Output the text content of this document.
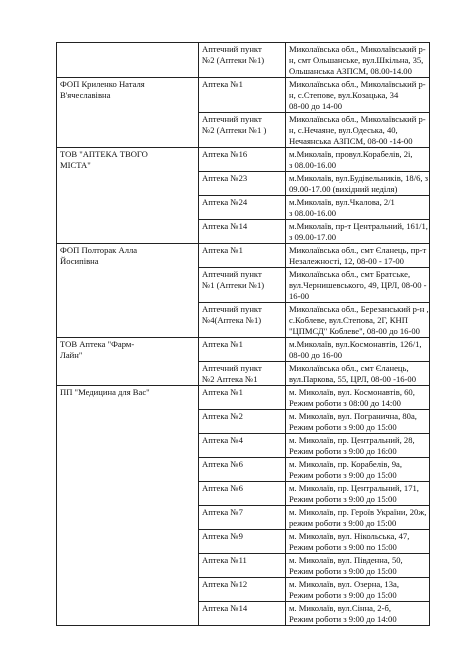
	Аптечний пункт
№2 (Аптеки №1)	Миколаївська обл., Миколаївський р-
н, смт Ольшанське, вул.Шкільна, 35,
Ольшанська АЗПСМ, 08.00-14.00

ФОП Криленко Наталя
В'ячеславівна	Аптека №1	Миколаївська обл., Миколаївський р-
н, с.Степове, вул.Козацька, 34
08-00 до 14-00

	Аптечний пункт
№2 (Аптеки №1 )	Миколаївська обл., Миколаївський р-
н, с.Нечаяне, вул.Одеська, 40,
Нечаянська АЗПСМ, 08-00 -14-00

ТОВ "АПТЕКА ТВОГО
МІСТА"	Аптека №16	м.Миколаїв, провул.Корабелів, 2і,
з 08.00-16.00

	Аптека №23	м.Миколаїв, вул.Будівельників, 18/6, з
09.00-17.00 (вихідний неділя)

	Аптека №24	м.Миколаїв, вул.Чкалова, 2/1
з 08.00-16.00

	Аптека №14	м.Миколаїв, пр-т Центральний, 161/1,
з 09.00-17.00

ФОП Полторак Алла
Йосипівна	Аптека №1	Миколаївська обл., смт Єланець, пр-т
Незалежності, 12, 08-00 - 17-00

	Аптечний пункт
№1 (Аптеки №1)	Миколаївська обл., смт Братське,
вул.Чернишевського, 49, ЦРЛ, 08-00 -
16-00

	Аптечний пункт
№4(Аптека №1)	Миколаївська обл., Березанський р-н ,
с.Коблеве, вул.Степова, 2Г, КНП
"ЦПМСД" Коблеве", 08-00 до 16-00

ТОВ Аптека "Фарм-
Лайн"	Аптека №1	м.Миколаїв, вул.Космонавтів, 126/1,
08-00 до 16-00

	Аптечний пункт
№2 Аптека №1	Миколаївська обл., смт Єланець,
вул.Паркова, 55, ЦРЛ, 08-00 -16-00

ПП "Медицина для Вас"	Аптека №1	м. Миколаїв, вул. Космонавтів, 60,
Режим роботи з 08:00 до 14:00

	Аптека №2	м. Миколаїв, вул. Погранична, 80а,
Режим роботи з 9:00 до 15:00

	Аптека №4	м. Миколаїв, пр. Центральний, 28,
Режим роботи з 9:00 до 16:00

	Аптека №6	м. Миколаїв, пр. Корабелів, 9а,
Режим роботи з 9:00 до 15:00

	Аптека №6	м. Миколаїв, пр. Центральний, 171,
Режим роботи з 9:00 до 15:00

	Аптека №7	м. Миколаїв, пр. Героїв України, 20ж,
режим роботи з 9:00 до 15:00

	Аптека №9	м. Миколаїв, вул. Нікольська, 47,
Режим роботи з 9:00 по 15:00

	Аптека №11	м. Миколаїв, вул. Південна, 50,
Режим роботи з 9:00 до 15:00

	Аптека №12	м. Миколаїв, вул. Озерна, 13а,
Режим роботи з 9:00 до 15:00

	Аптека №14	м. Миколаїв, вул.Сінна, 2-б,
Режим роботи з 9:00 до 14:00
